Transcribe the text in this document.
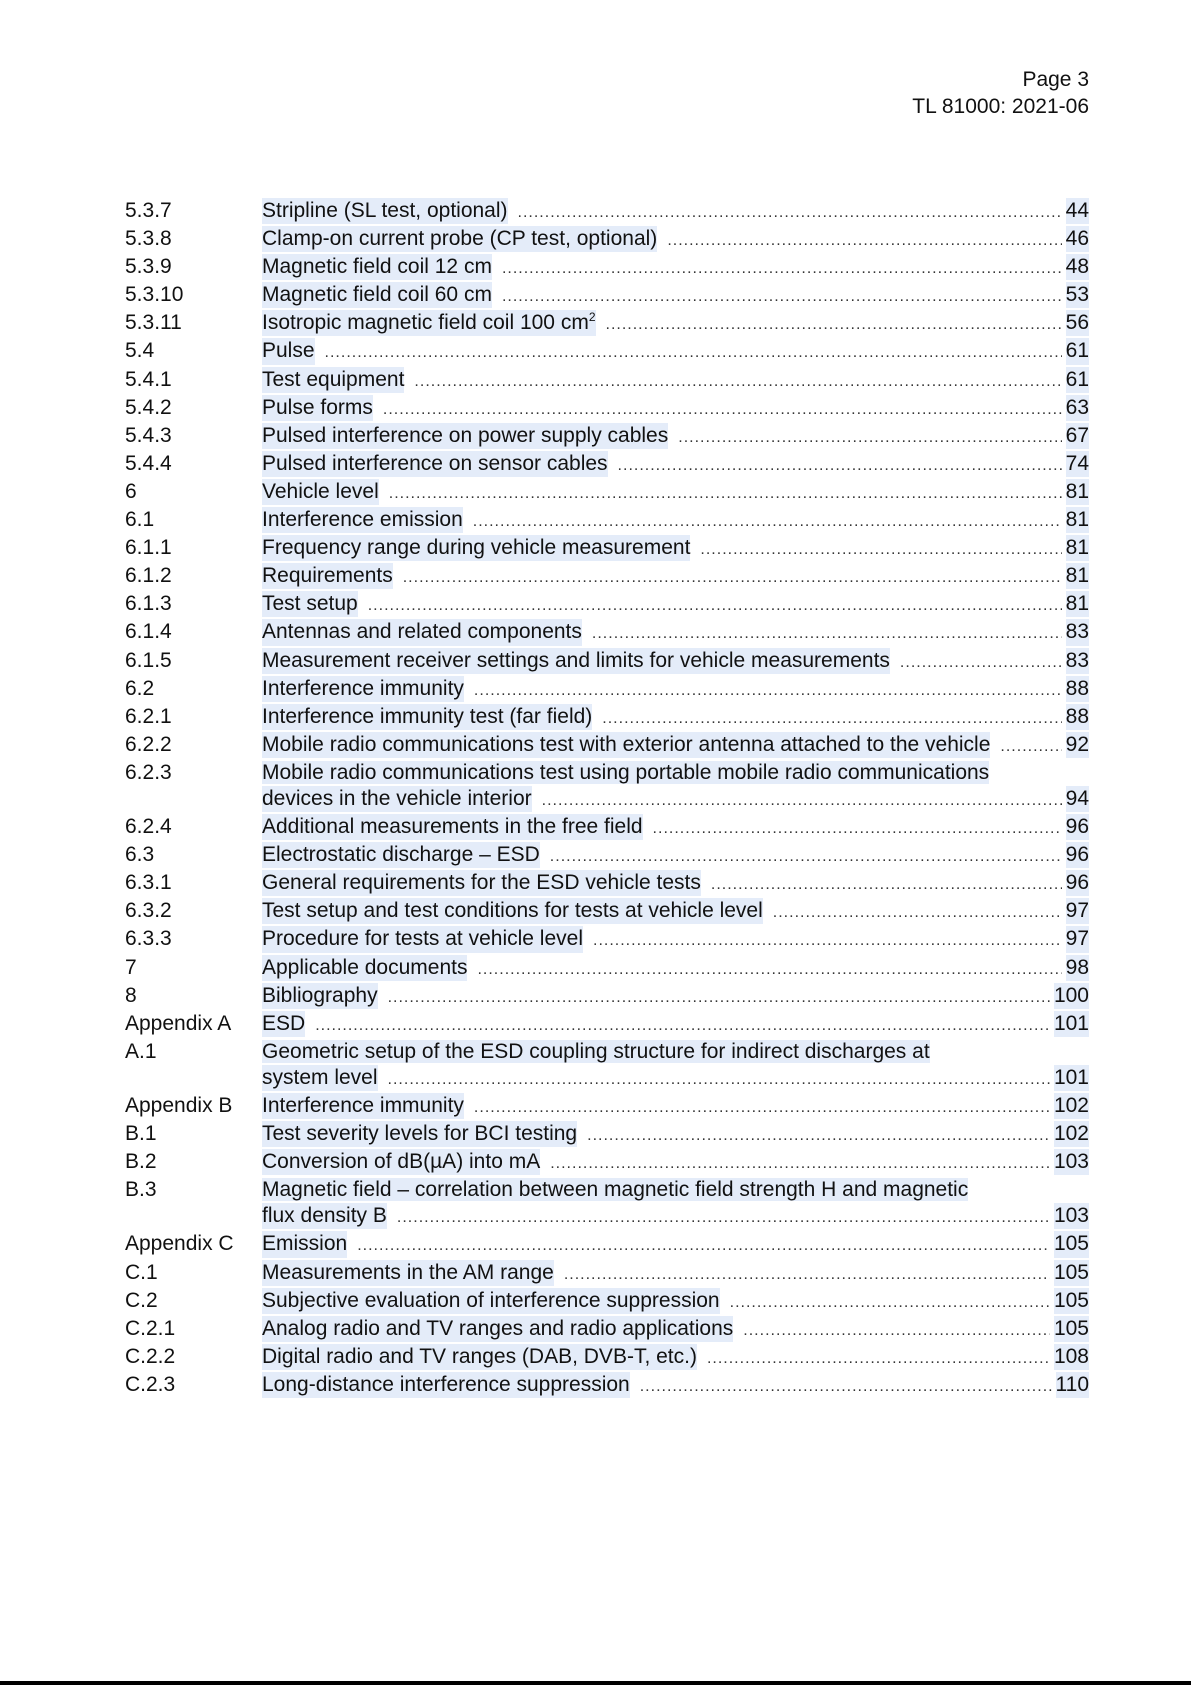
Page 3
TL 81000: 2021-06
5.3.7	Stripline (SL test, optional) .....	44
5.3.8	Clamp-on current probe (CP test, optional) .....	46
5.3.9	Magnetic field coil 12 cm .....	48
5.3.10	Magnetic field coil 60 cm .....	53
5.3.11	Isotropic magnetic field coil 100 $cm^2$ .....	56
5.4	Pulse .....	61
5.4.1	Test equipment .....	61
5.4.2	Pulse forms .....	63
5.4.3	Pulsed interference on power supply cables .....	67
5.4.4	Pulsed interference on sensor cables .....	74
6	Vehicle level .....	81
6.1	Interference emission .....	81
6.1.1	Frequency range during vehicle measurement .....	81
6.1.2	Requirements .....	81
6.1.3	Test setup .....	81
6.1.4	Antennas and related components .....	83
6.1.5	Measurement receiver settings and limits for vehicle measurements .....	83
6.2	Interference immunity .....	88
6.2.1	Interference immunity test (far field) .....	88
6.2.2	Mobile radio communications test with exterior antenna attached to the vehicle .....	92
6.2.3	Mobile radio communications test using portable mobile radio communications
devices in the vehicle interior .....	94
6.2.4	Additional measurements in the free field .....	96
6.3	Electrostatic discharge – ESD .....	96
6.3.1	General requirements for the ESD vehicle tests .....	96
6.3.2	Test setup and test conditions for tests at vehicle level .....	97
6.3.3	Procedure for tests at vehicle level .....	97
7	Applicable documents .....	98
8	Bibliography .....	100
Appendix A	ESD .....	101
A.1	Geometric setup of the ESD coupling structure for indirect discharges at
system level .....	101
Appendix B	Interference immunity .....	102
B.1	Test severity levels for BCI testing .....	102
B.2	Conversion of dB(µA) into mA .....	103
B.3	Magnetic field – correlation between magnetic field strength H and magnetic
flux density B .....	103
Appendix C	Emission .....	105
C.1	Measurements in the AM range .....	105
C.2	Subjective evaluation of interference suppression .....	105
C.2.1	Analog radio and TV ranges and radio applications .....	105
C.2.2	Digital radio and TV ranges (DAB, DVB-T, etc.) .....	108
C.2.3	Long-distance interference suppression .....	110
